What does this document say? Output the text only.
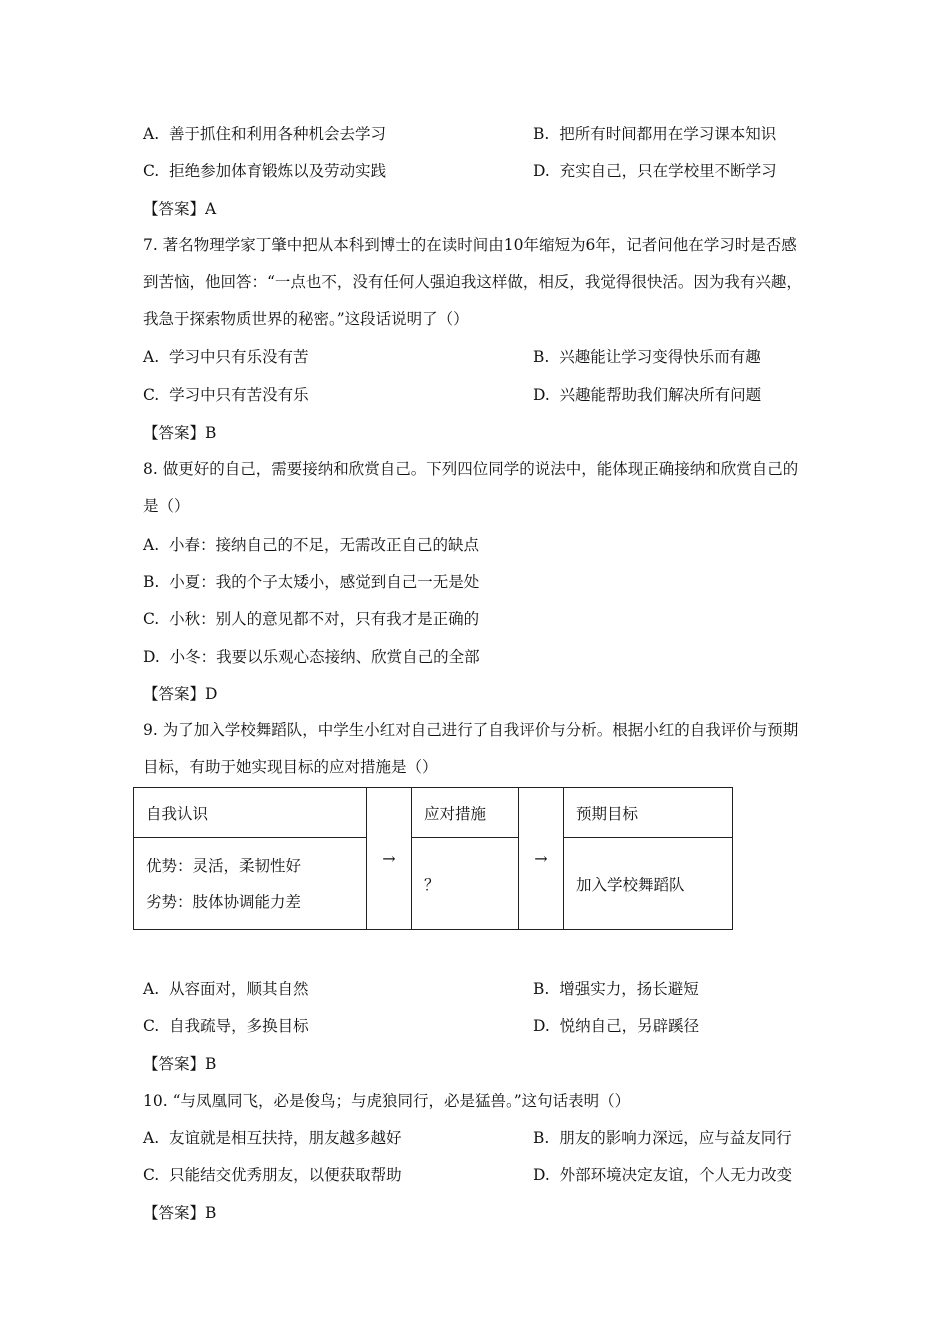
A. 善于抓住和利用各种机会去学习	B. 把所有时间都用在学习课本知识
C. 拒绝参加体育锻炼以及劳动实践	D. 充实自己，只在学校里不断学习
【答案】A
7. 著名物理学家丁肇中把从本科到博士的在读时间由10年缩短为6年，记者问他在学习时是否感到苦恼，他回答：“一点也不，没有任何人强迫我这样做，相反，我觉得很快活。因为我有兴趣，我急于探索物质世界的秘密。”这段话说明了（）
A. 学习中只有乐没有苦	B. 兴趣能让学习变得快乐而有趣
C. 学习中只有苦没有乐	D. 兴趣能帮助我们解决所有问题
【答案】B
8. 做更好的自己，需要接纳和欣赏自己。下列四位同学的说法中，能体现正确接纳和欣赏自己的是（）
A. 小春：接纳自己的不足，无需改正自己的缺点
B. 小夏：我的个子太矮小，感觉到自己一无是处
C. 小秋：别人的意见都不对，只有我才是正确的
D. 小冬：我要以乐观心态接纳、欣赏自己的全部
【答案】D
9. 为了加入学校舞蹈队，中学生小红对自己进行了自我评价与分析。根据小红的自我评价与预期目标，有助于她实现目标的应对措施是（）
自我认识	→	应对措施	→	预期目标

优势：灵活，柔韧性好
劣势：肢体协调能力差		？		加入学校舞蹈队
A. 从容面对，顺其自然	B. 增强实力，扬长避短
C. 自我疏导，多换目标	D. 悦纳自己，另辟蹊径
【答案】B
10. “与凤凰同飞，必是俊鸟；与虎狼同行，必是猛兽。”这句话表明（）
A. 友谊就是相互扶持，朋友越多越好	B. 朋友的影响力深远，应与益友同行
C. 只能结交优秀朋友，以便获取帮助	D. 外部环境决定友谊，个人无力改变
【答案】B
